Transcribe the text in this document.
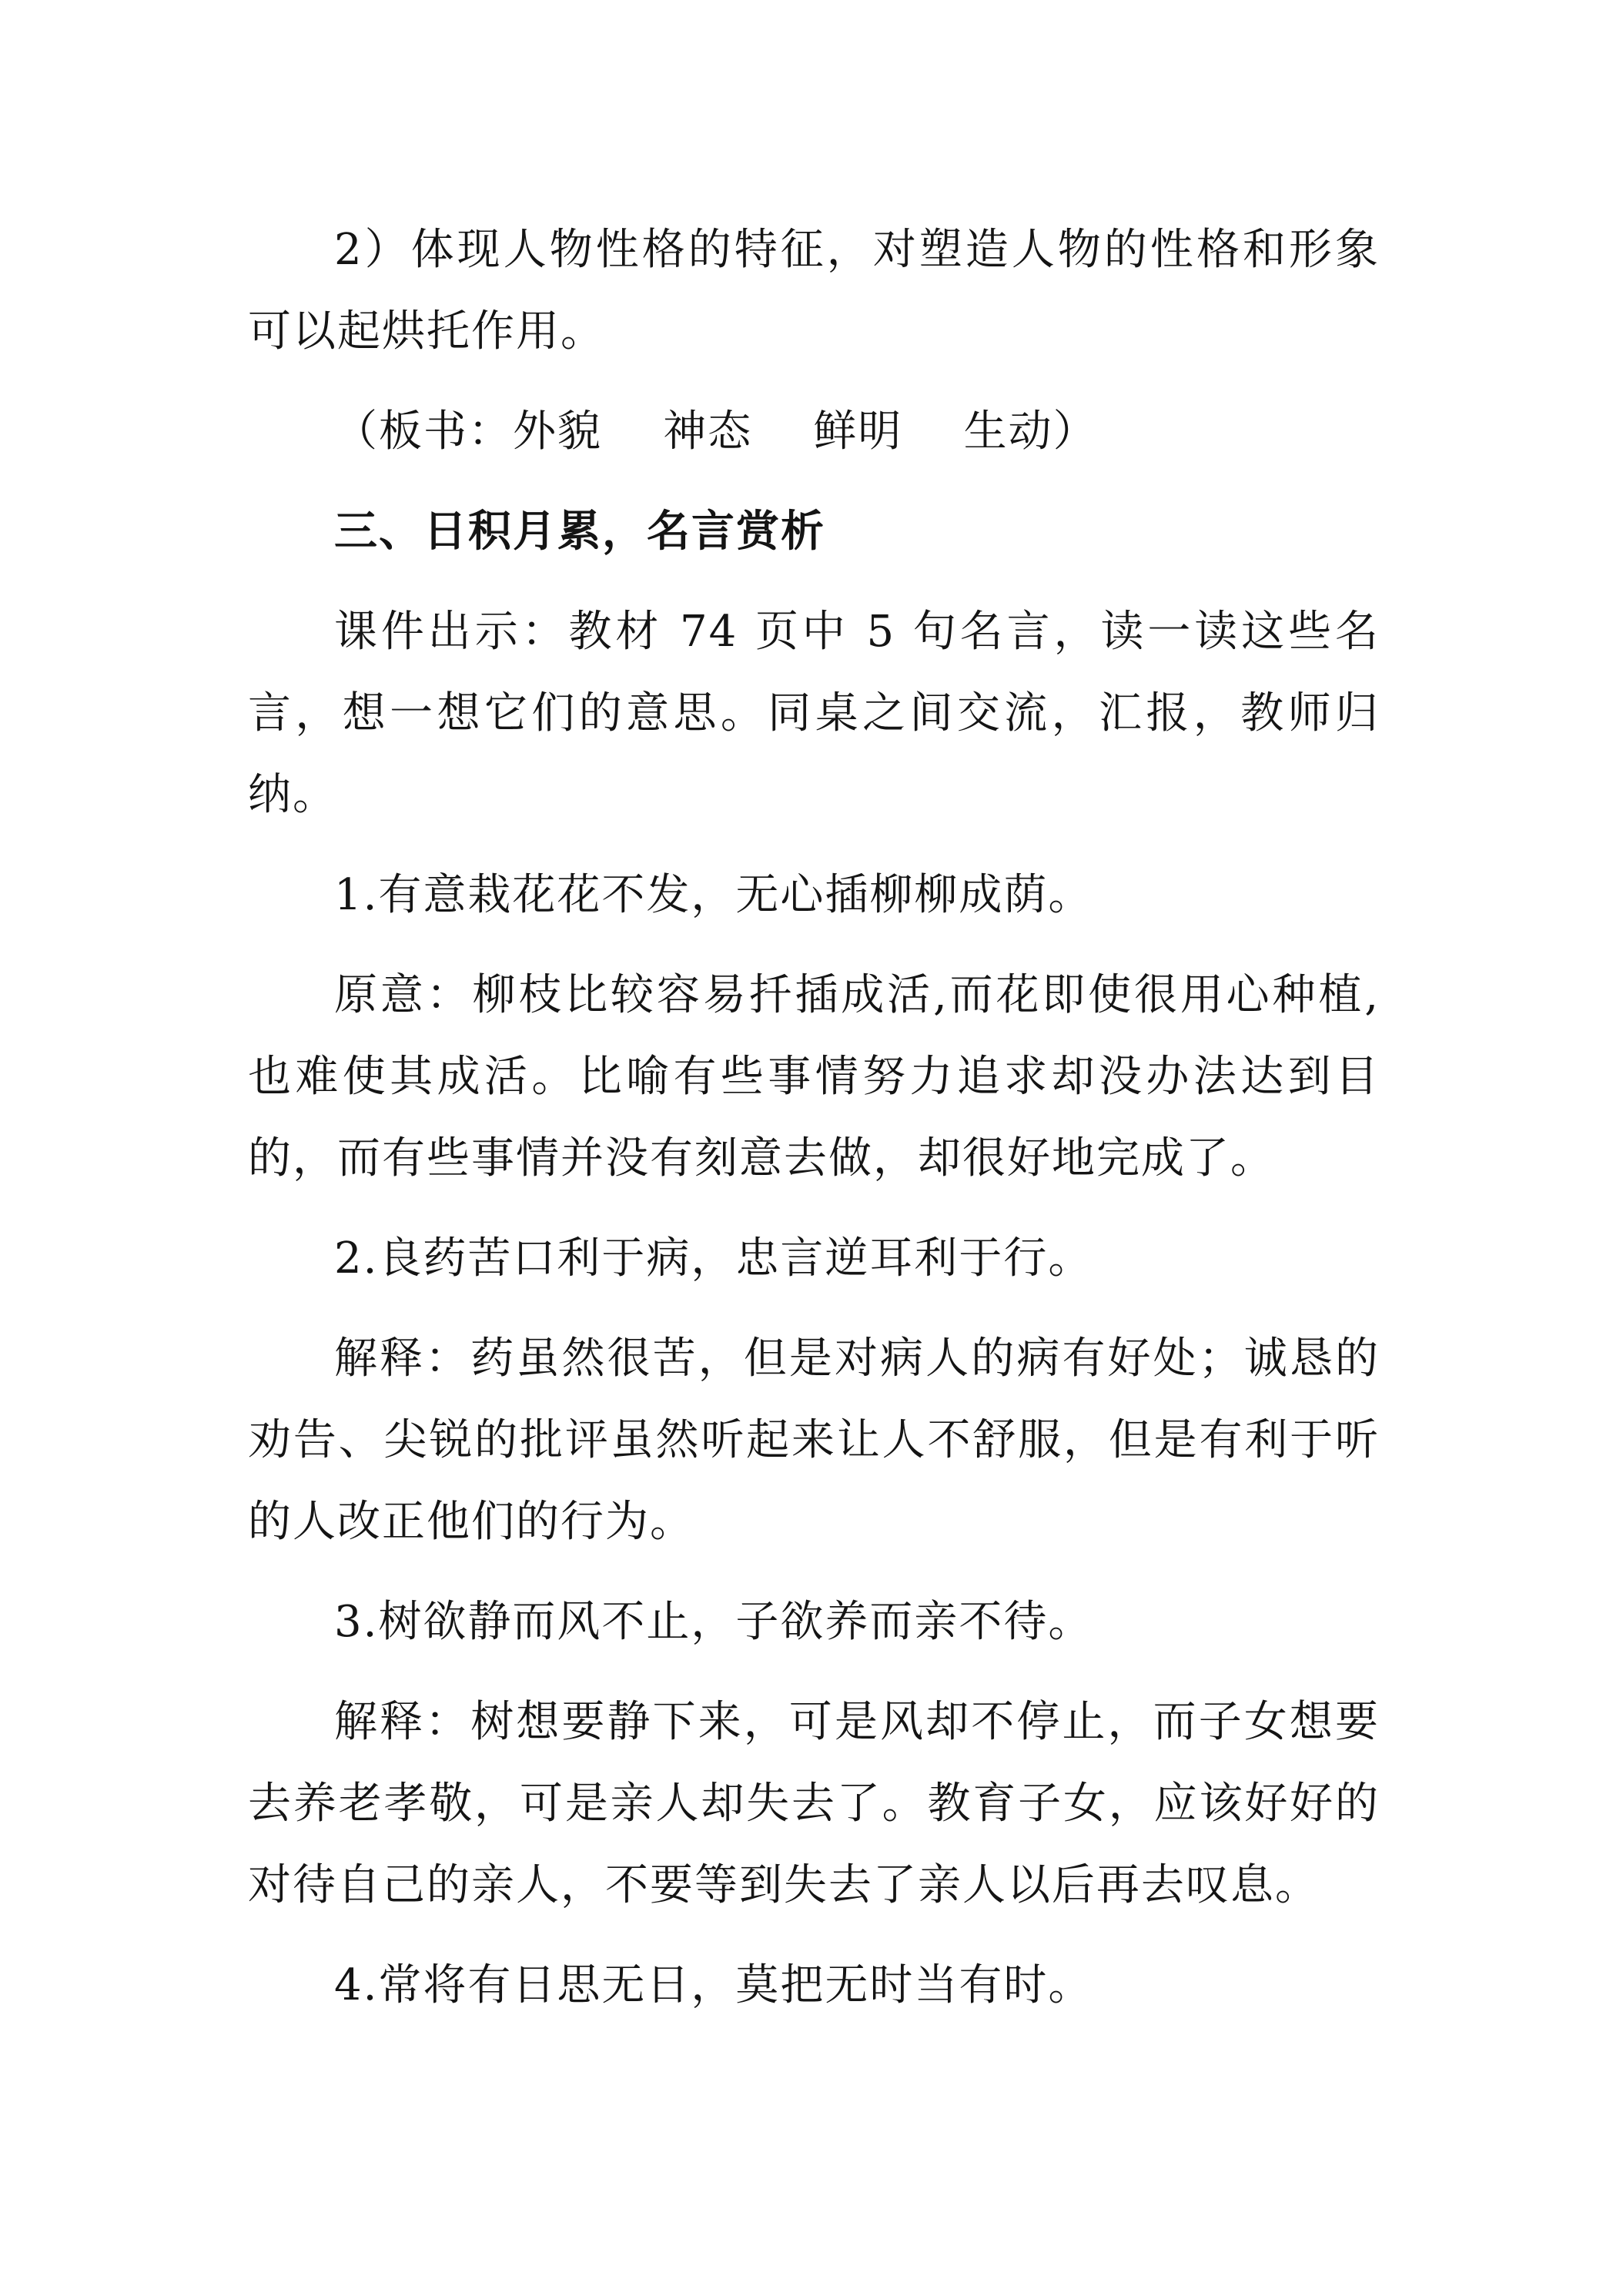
2）体现人物性格的特征，对塑造人物的性格和形象可以起烘托作用。

（板书：外貌    神态    鲜明    生动）

三、日积月累，名言赏析

课件出示：教材 74 页中 5 句名言，读一读这些名言，想一想它们的意思。同桌之间交流，汇报，教师归纳。

1.有意栽花花不发，无心插柳柳成荫。

原意：柳枝比较容易扦插成活,而花即使很用心种植,也难使其成活。比喻有些事情努力追求却没办法达到目的，而有些事情并没有刻意去做，却很好地完成了。

2.良药苦口利于病，忠言逆耳利于行。

解释：药虽然很苦，但是对病人的病有好处；诚恳的劝告、尖锐的批评虽然听起来让人不舒服，但是有利于听的人改正他们的行为。

3.树欲静而风不止，子欲养而亲不待。

解释：树想要静下来，可是风却不停止，而子女想要去养老孝敬，可是亲人却失去了。教育子女，应该好好的对待自己的亲人，不要等到失去了亲人以后再去叹息。

4.常将有日思无日，莫把无时当有时。
